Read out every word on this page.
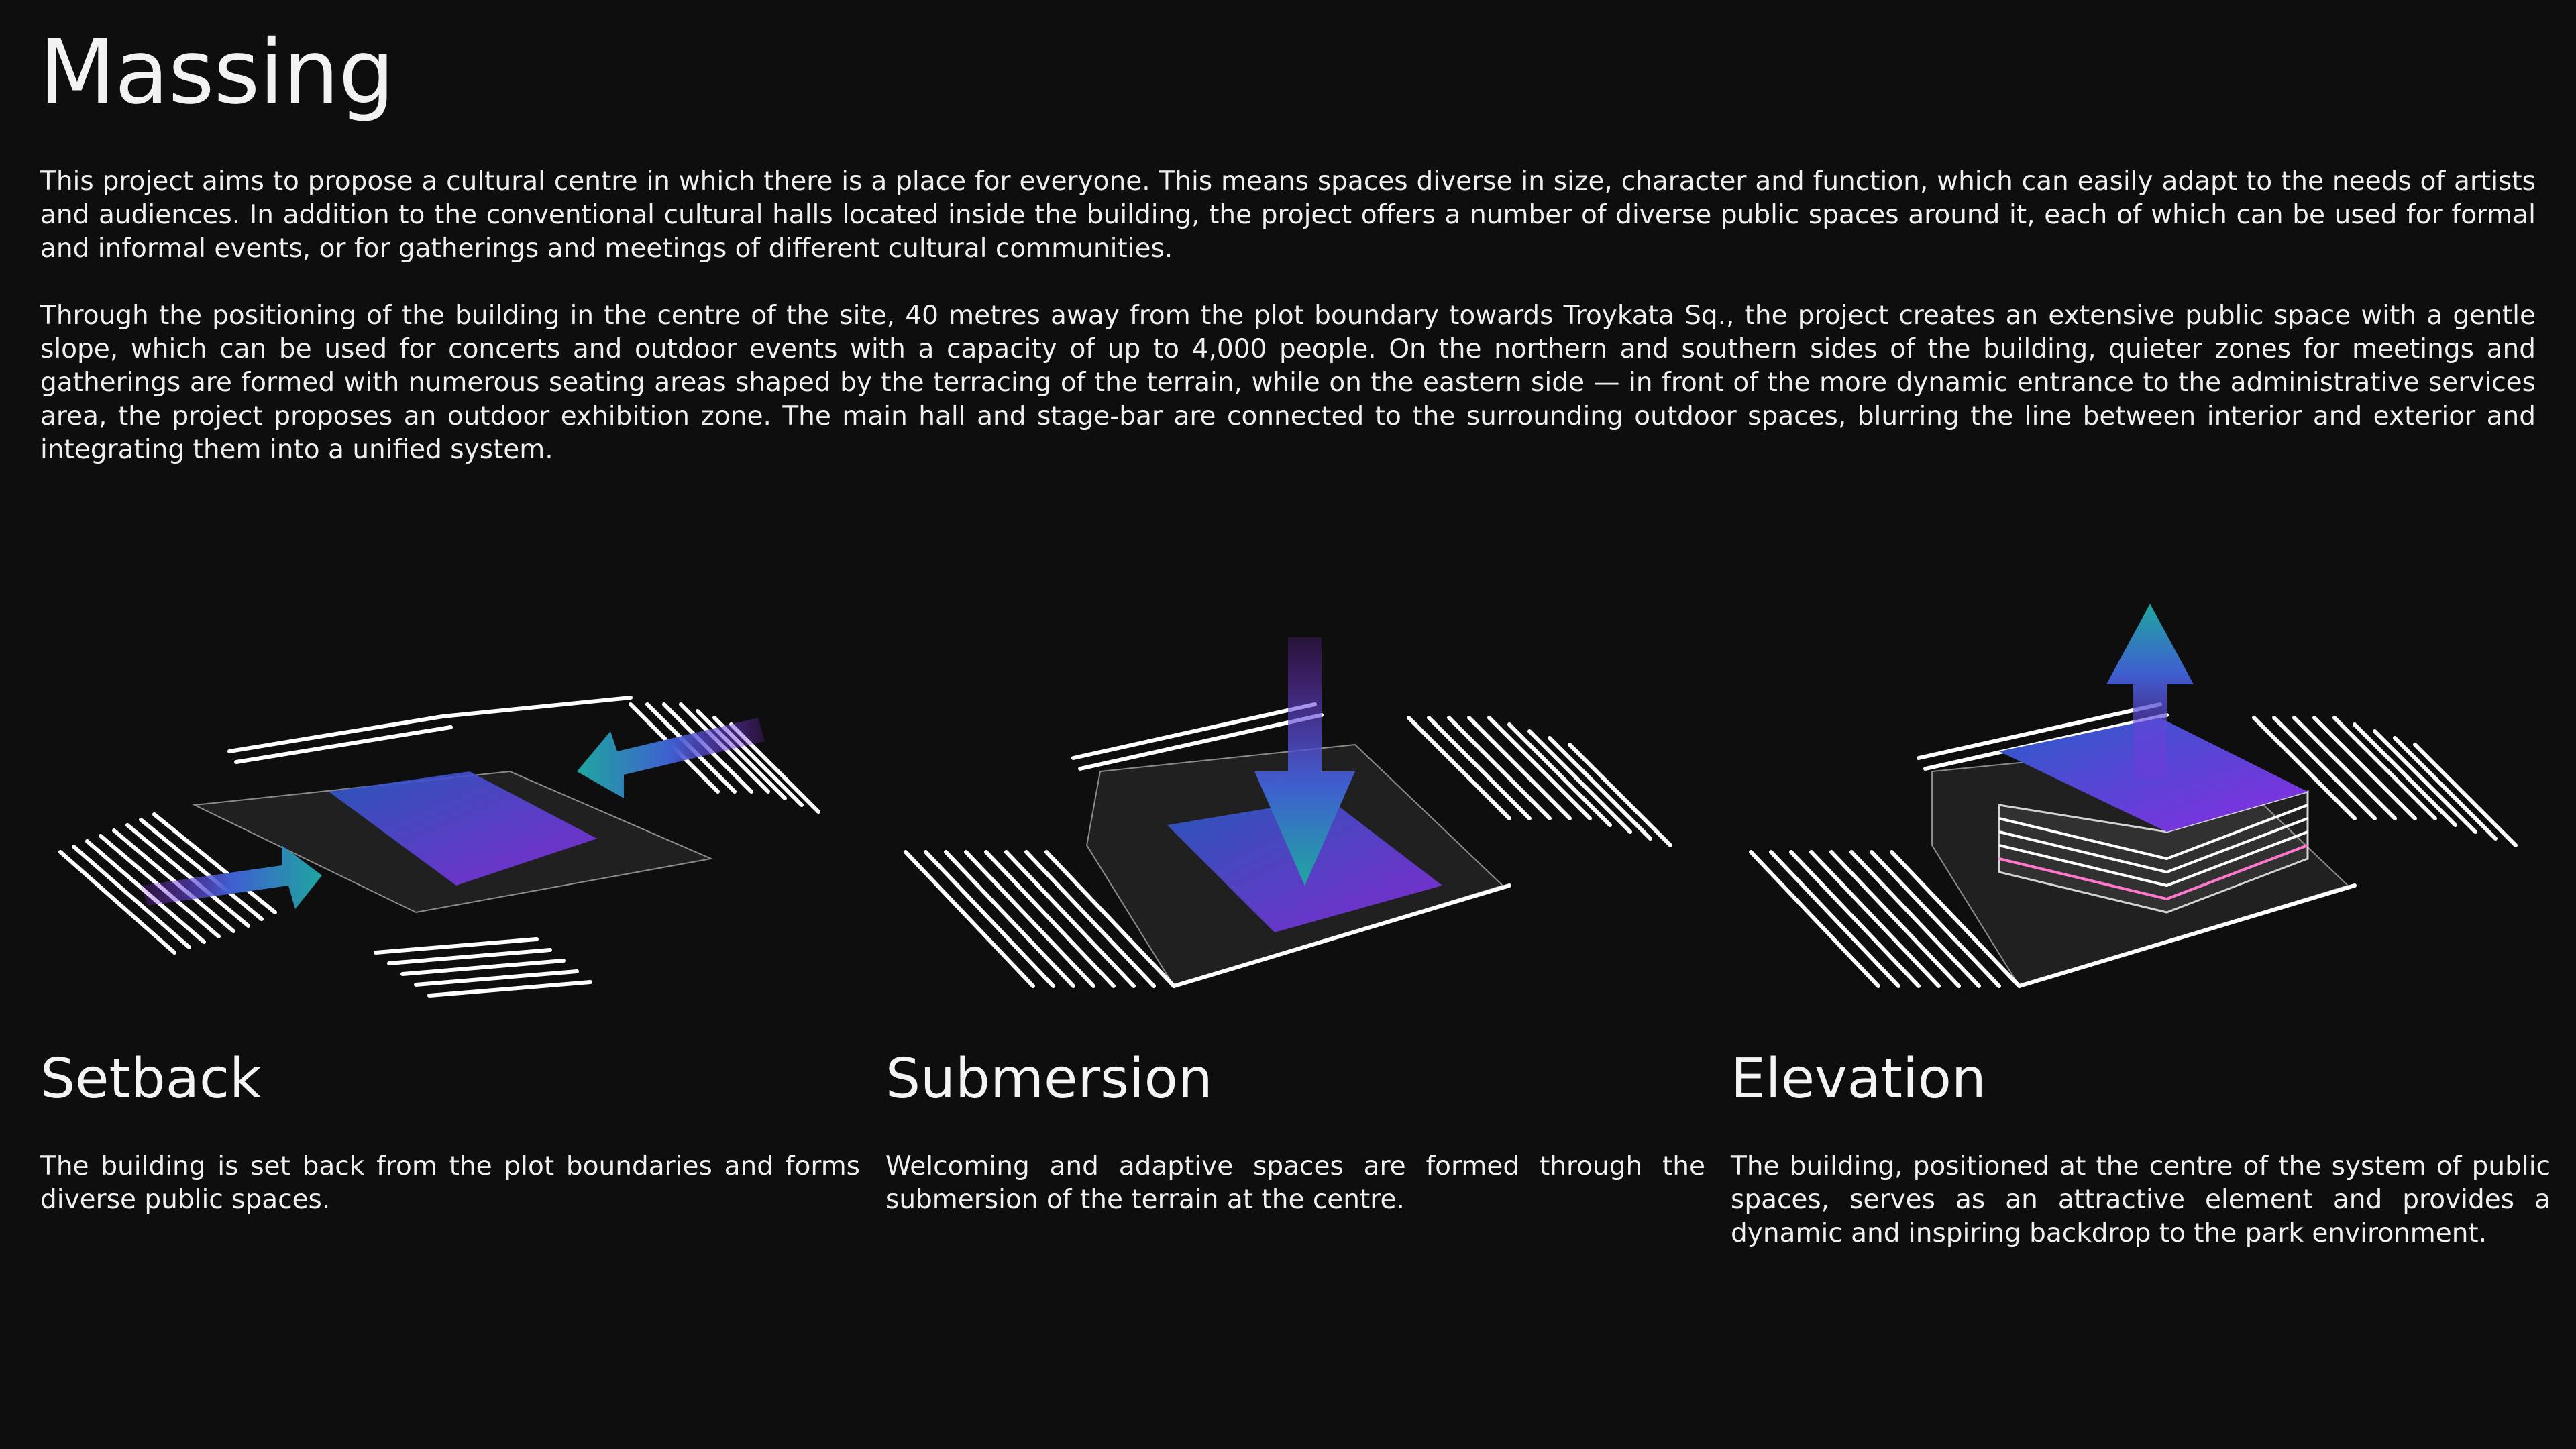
Massing

This project aims to propose a cultural centre in which there is a place for everyone. This means spaces diverse in size, character and function, which can easily adapt to the needs of artists and audiences. In addition to the conventional cultural halls located inside the building, the project offers a number of diverse public spaces around it, each of which can be used for formal and informal events, or for gatherings and meetings of different cultural communities.

Through the positioning of the building in the centre of the site, 40 metres away from the plot boundary towards Troykata Sq., the project creates an extensive public space with a gentle slope, which can be used for concerts and outdoor events with a capacity of up to 4,000 people. On the northern and southern sides of the building, quieter zones for meetings and gatherings are formed with numerous seating areas shaped by the terracing of the terrain, while on the eastern side — in front of the more dynamic entrance to the administrative services area, the project proposes an outdoor exhibition zone. The main hall and stage-bar are connected to the surrounding outdoor spaces, blurring the line between interior and exterior and integrating them into a unified system.

Setback

The building is set back from the plot boundaries and forms diverse public spaces.

Submersion

Welcoming and adaptive spaces are formed through the submersion of the terrain at the centre.

Elevation

The building, positioned at the centre of the system of public spaces, serves as an attractive element and provides a dynamic and inspiring backdrop to the park environment.
